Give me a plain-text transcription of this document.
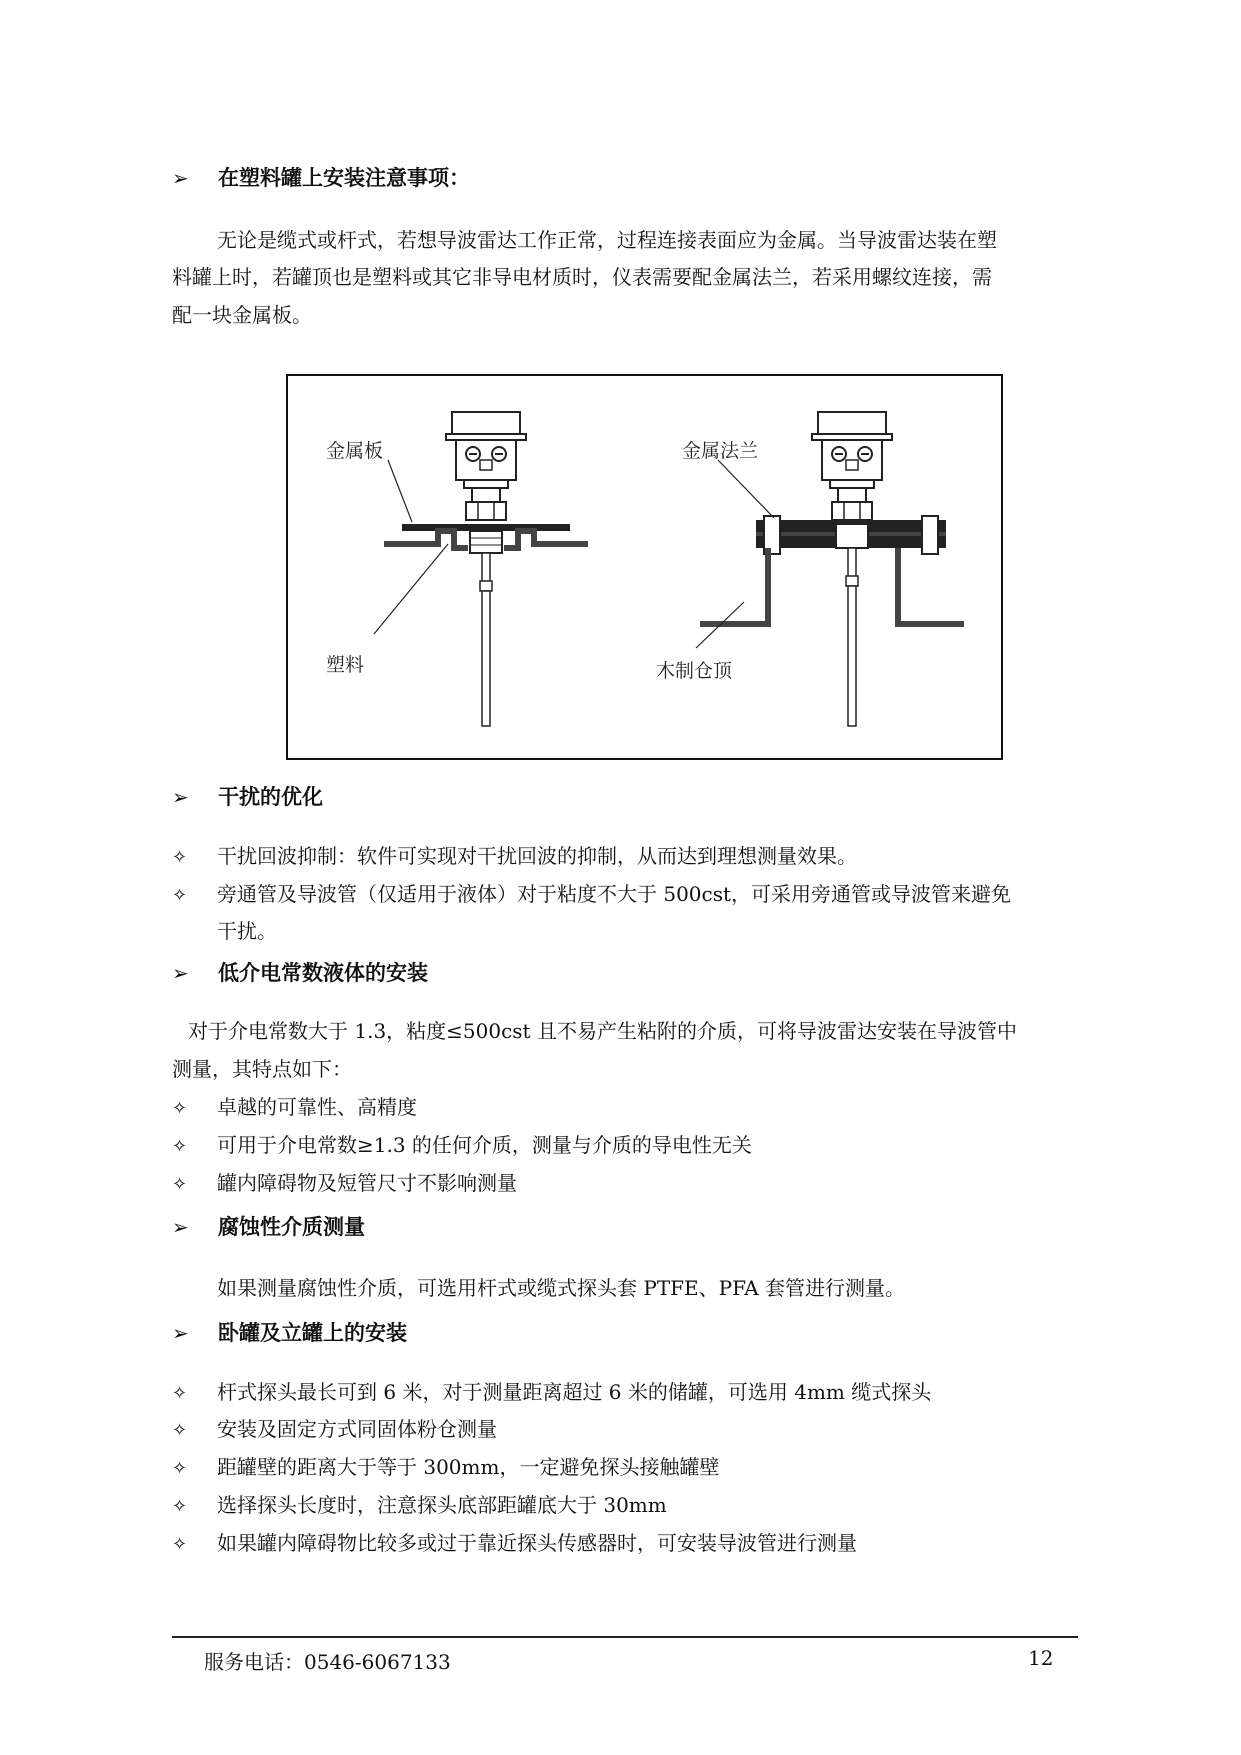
➢ 在塑料罐上安装注意事项：
无论是缆式或杆式，若想导波雷达工作正常，过程连接表面应为金属。当导波雷达装在塑
料罐上时，若罐顶也是塑料或其它非导电材质时，仪表需要配金属法兰，若采用螺纹连接，需
配一块金属板。
金属板
塑料
金属法兰
木制仓顶
➢ 干扰的优化
✧ 干扰回波抑制：软件可实现对干扰回波的抑制，从而达到理想测量效果。
✧ 旁通管及导波管（仅适用于液体）对于粘度不大于 500cst，可采用旁通管或导波管来避免
干扰。
➢ 低介电常数液体的安装
对于介电常数大于 1.3，粘度≤500cst 且不易产生粘附的介质，可将导波雷达安装在导波管中
测量，其特点如下：
✧ 卓越的可靠性、高精度
✧ 可用于介电常数≥1.3 的任何介质，测量与介质的导电性无关
✧ 罐内障碍物及短管尺寸不影响测量
➢ 腐蚀性介质测量
如果测量腐蚀性介质，可选用杆式或缆式探头套 PTFE、PFA 套管进行测量。
➢ 卧罐及立罐上的安装
✧ 杆式探头最长可到 6 米，对于测量距离超过 6 米的储罐，可选用 4mm 缆式探头
✧ 安装及固定方式同固体粉仓测量
✧ 距罐壁的距离大于等于 300mm，一定避免探头接触罐壁
✧ 选择探头长度时，注意探头底部距罐底大于 30mm
✧ 如果罐内障碍物比较多或过于靠近探头传感器时，可安装导波管进行测量
服务电话：0546-6067133	12
